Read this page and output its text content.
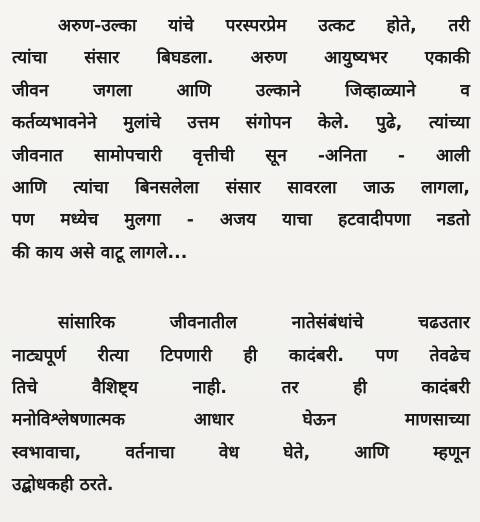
अरुण-उल्का यांचे परस्परप्रेम उत्कट होते, तरी
त्यांचा संसार बिघडला. अरुण आयुष्यभर एकाकी
जीवन जगला आणि उल्काने जिव्हाळ्याने व
कर्तव्यभावनेने मुलांचे उत्तम संगोपन केले. पुढे, त्यांच्या
जीवनात सामोपचारी वृत्तीची सून -अनिता - आली
आणि त्यांचा बिनसलेला संसार सावरला जाऊ लागला,
पण मध्येच मुलगा - अजय याचा हटवादीपणा नडतो
की काय असे वाटू लागले...
सांसारिक जीवनातील नातेसंबंधांचे चढउतार
नाट्यपूर्ण रीत्या टिपणारी ही कादंबरी. पण तेवढेच
तिचे वैशिष्ट्य नाही. तर ही कादंबरी
मनोविश्लेषणात्मक आधार घेऊन माणसाच्या
स्वभावाचा, वर्तनाचा वेध घेते, आणि म्हणून
उद्बोधकही ठरते.
